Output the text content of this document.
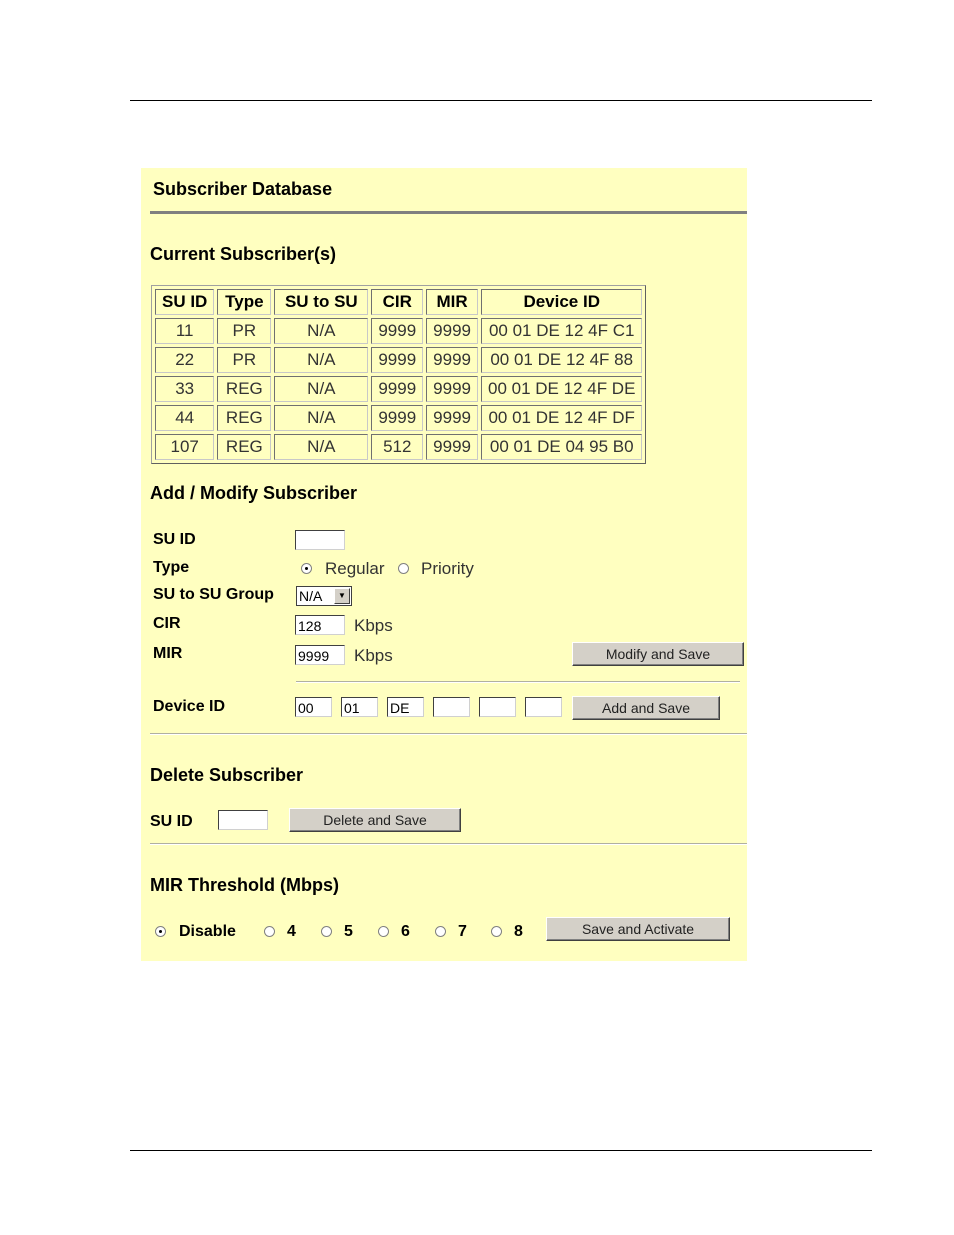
Subscriber Database
Current Subscriber(s)
SU ID	Type	SU to SU	CIR	MIR	Device ID
11	PR	N/A	9999	9999	00 01 DE 12 4F C1
22	PR	N/A	9999	9999	00 01 DE 12 4F 88
33	REG	N/A	9999	9999	00 01 DE 12 4F DE
44	REG	N/A	9999	9999	00 01 DE 12 4F DF
107	REG	N/A	512	9999	00 01 DE 04 95 B0
Add / Modify Subscriber
SU ID
Type	Regular Priority
SU to SU Group N/A	▼
CIR	128	Kbps
MIR	9999	Kbps	Modify and Save
Device ID	00	01	DE	Add and Save
Delete Subscriber
SU ID	Delete and Save
MIR Threshold (Mbps)
Disable	4	5	6	7	8	Save and Activate
